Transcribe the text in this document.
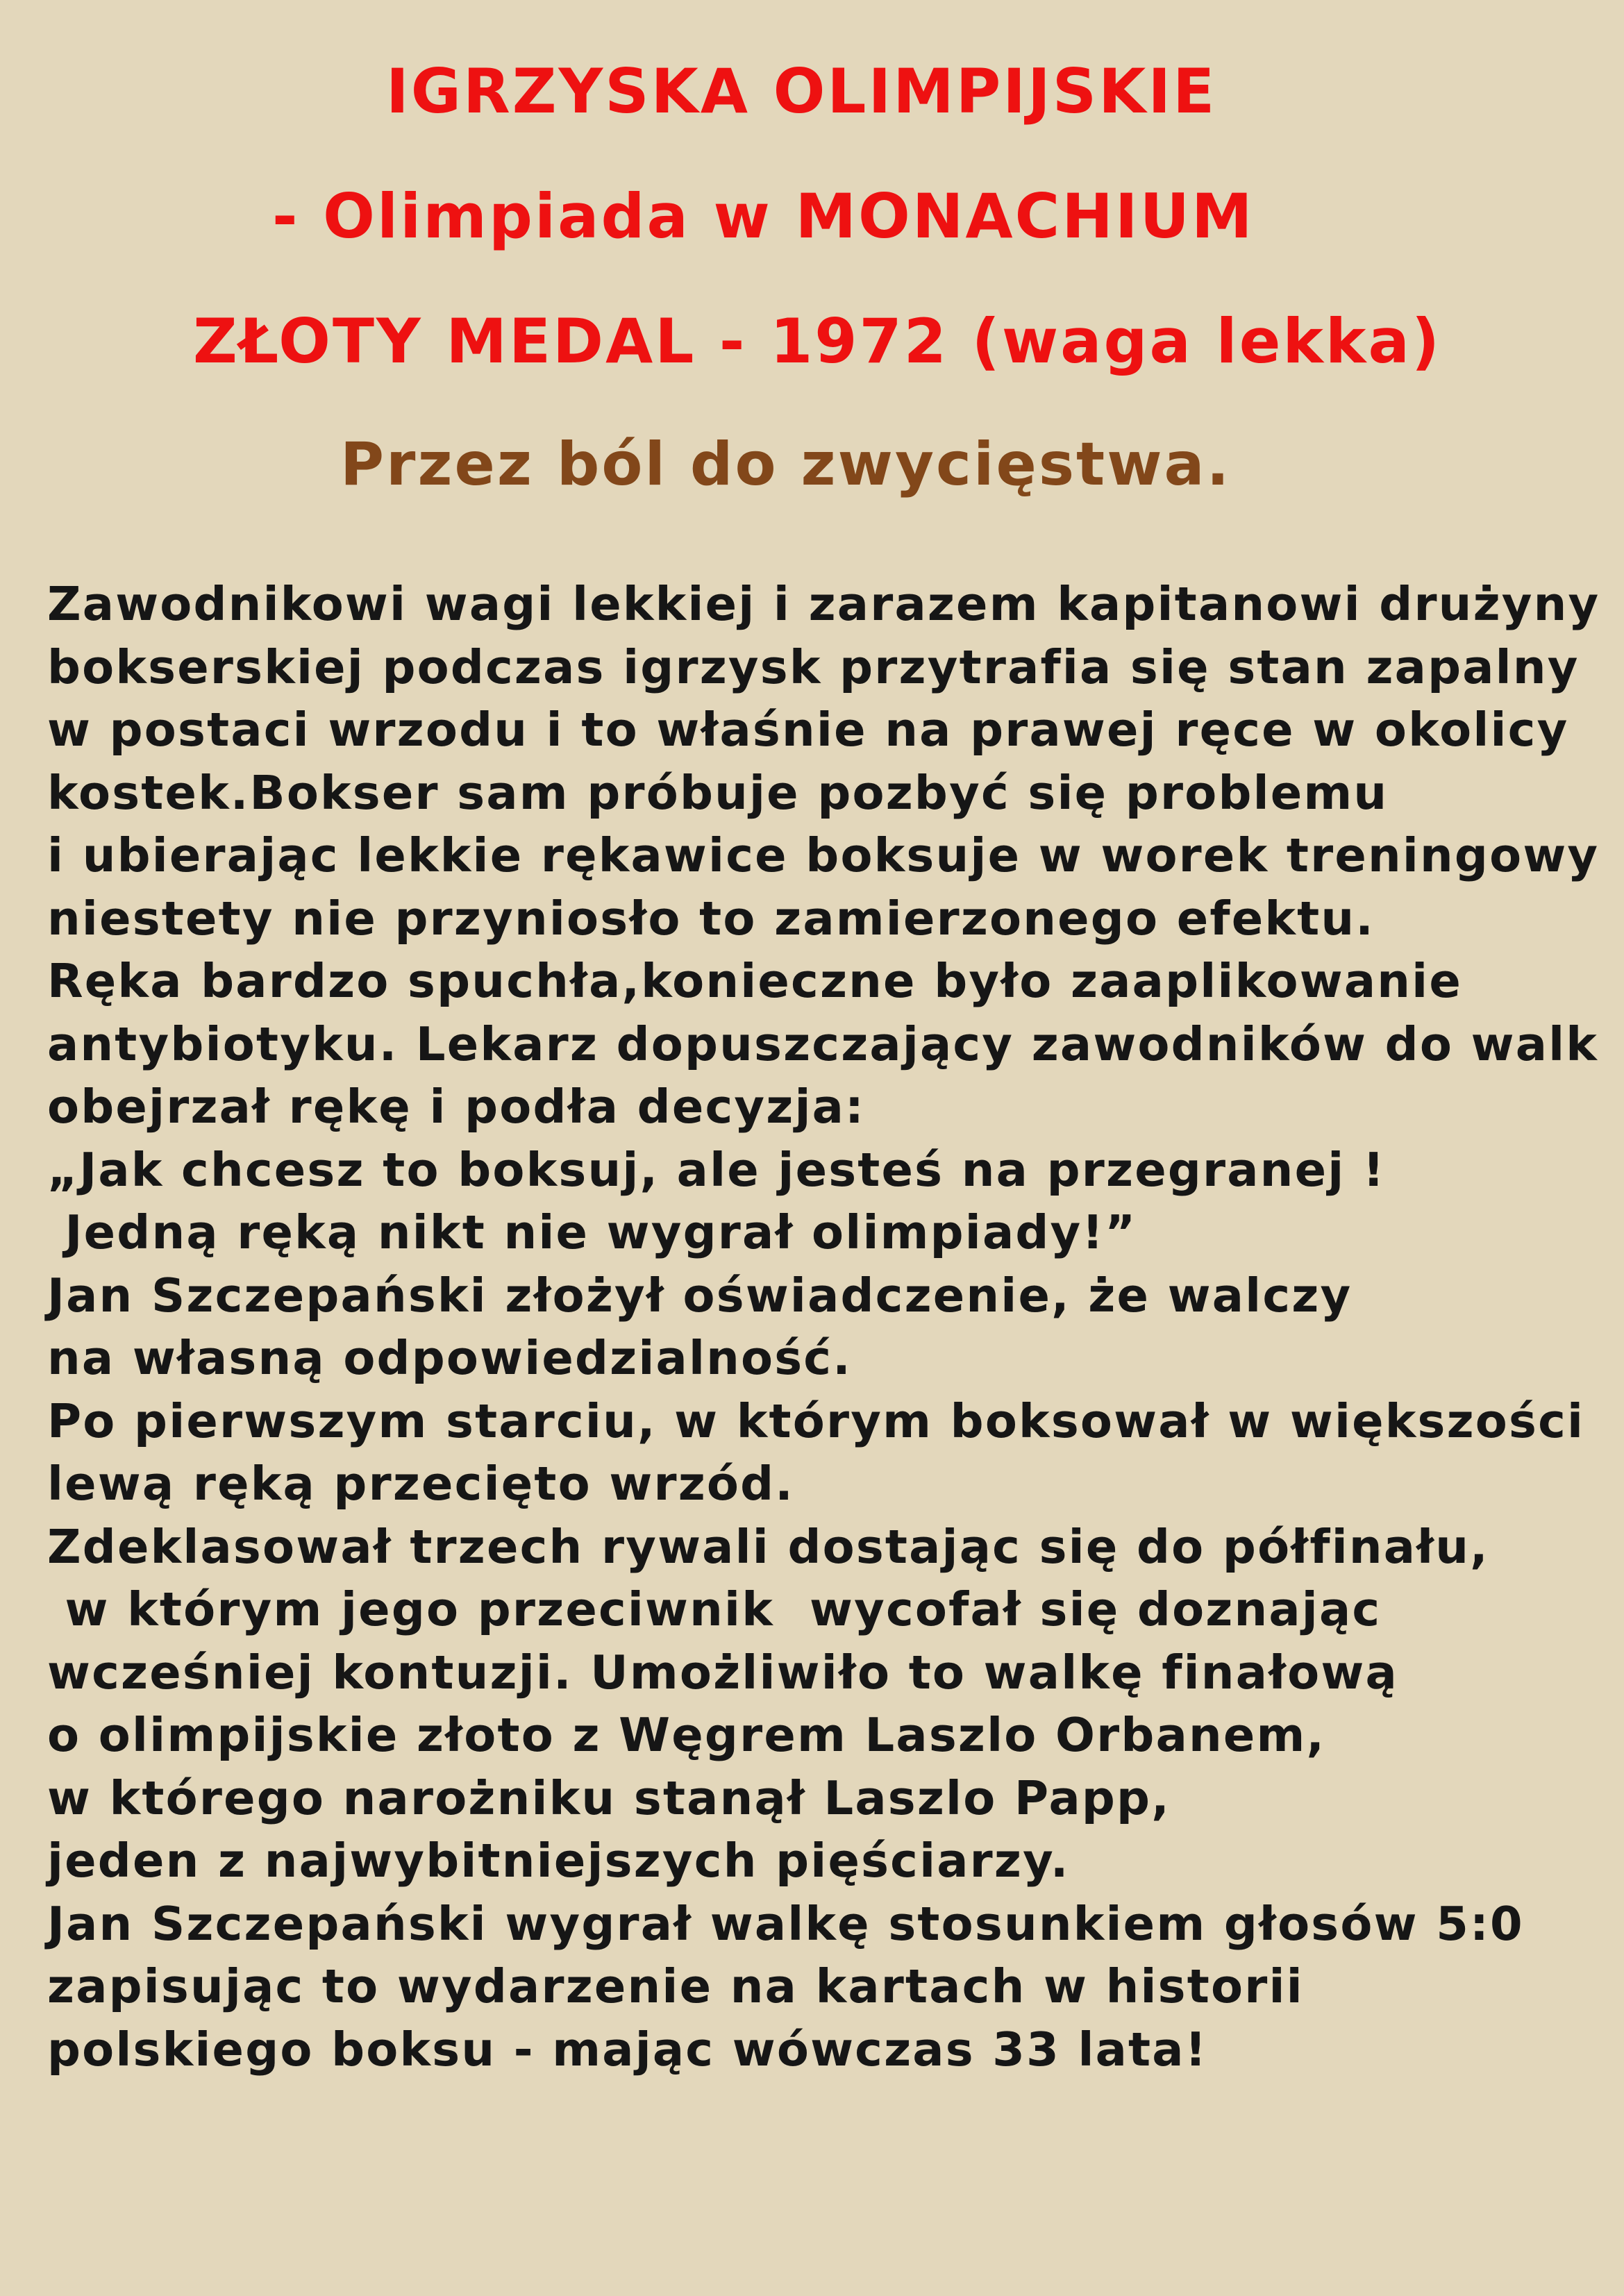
IGRZYSKA OLIMPIJSKIE
- Olimpiada w MONACHIUM
ZŁOTY MEDAL - 1972 (waga lekka)
Przez ból do zwycięstwa.
Zawodnikowi wagi lekkiej i zarazem kapitanowi drużyny
bokserskiej podczas igrzysk przytrafia się stan zapalny
w postaci wrzodu i to właśnie na prawej ręce w okolicy
kostek.Bokser sam próbuje pozbyć się problemu
i ubierając lekkie rękawice boksuje w worek treningowy
niestety nie przyniosło to zamierzonego efektu.
Ręka bardzo spuchła,konieczne było zaaplikowanie
antybiotyku. Lekarz dopuszczający zawodników do walk
obejrzał rękę i podła decyzja:
„Jak chcesz to boksuj, ale jesteś na przegranej !
Jedną ręką nikt nie wygrał olimpiady!”
Jan Szczepański złożył oświadczenie, że walczy
na własną odpowiedzialność.
Po pierwszym starciu, w którym boksował w większości
lewą ręką przecięto wrzód.
Zdeklasował trzech rywali dostając się do półfinału,
w którym jego przeciwnik  wycofał się doznając
wcześniej kontuzji. Umożliwiło to walkę finałową
o olimpijskie złoto z Węgrem Laszlo Orbanem,
w którego narożniku stanął Laszlo Papp,
jeden z najwybitniejszych pięściarzy.
Jan Szczepański wygrał walkę stosunkiem głosów 5:0
zapisując to wydarzenie na kartach w historii
polskiego boksu - mając wówczas 33 lata!
